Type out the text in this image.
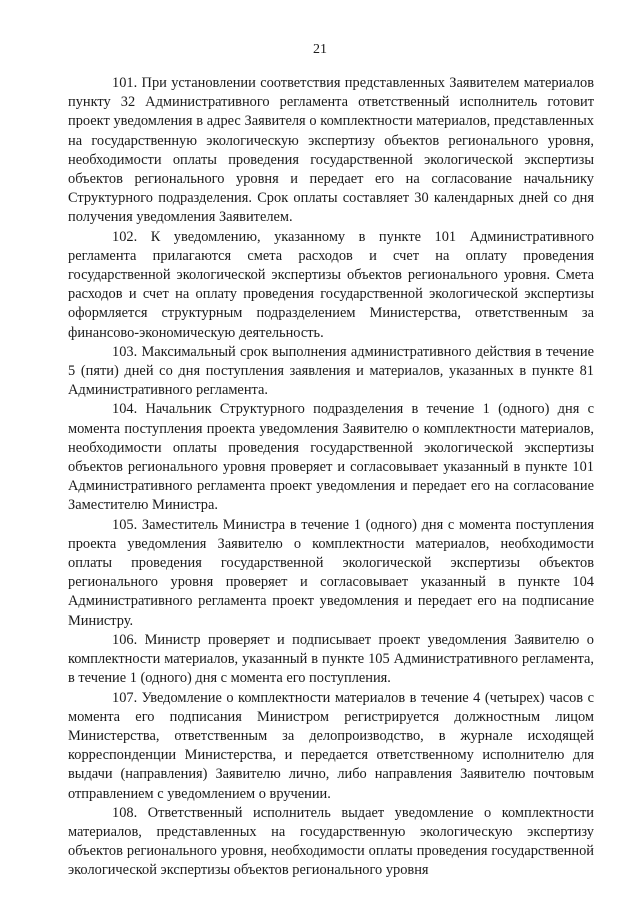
21

101. При установлении соответствия представленных Заявителем материалов пункту 32 Административного регламента ответственный исполнитель готовит проект уведомления в адрес Заявителя о комплектности материалов, представленных на государственную экологическую экспертизу объектов регионального уровня, необходимости оплаты проведения государственной экологической экспертизы объектов регионального уровня и передает его на согласование начальнику Структурного подразделения. Срок оплаты составляет 30 календарных дней со дня получения уведомления Заявителем.

102. К уведомлению, указанному в пункте 101 Административного регламента прилагаются смета расходов и счет на оплату проведения государственной экологической экспертизы объектов регионального уровня. Смета расходов и счет на оплату проведения государственной экологической экспертизы оформляется структурным подразделением Министерства, ответственным за финансово-экономическую деятельность.

103. Максимальный срок выполнения административного действия в течение 5 (пяти) дней со дня поступления заявления и материалов, указанных в пункте 81 Административного регламента.

104. Начальник Структурного подразделения в течение 1 (одного) дня с момента поступления проекта уведомления Заявителю о комплектности материалов, необходимости оплаты проведения государственной экологической экспертизы объектов регионального уровня проверяет и согласовывает указанный в пункте 101 Административного регламента проект уведомления и передает его на согласование Заместителю Министра.

105. Заместитель Министра в течение 1 (одного) дня с момента поступления проекта уведомления Заявителю о комплектности материалов, необходимости оплаты проведения государственной экологической экспертизы объектов регионального уровня проверяет и согласовывает указанный в пункте 104 Административного регламента проект уведомления и передает его на подписание Министру.

106. Министр проверяет и подписывает проект уведомления Заявителю о комплектности материалов, указанный в пункте 105 Административного регламента, в течение 1 (одного) дня с момента его поступления.

107. Уведомление о комплектности материалов в течение 4 (четырех) часов с момента его подписания Министром регистрируется должностным лицом Министерства, ответственным за делопроизводство, в журнале исходящей корреспонденции Министерства, и передается ответственному исполнителю для выдачи (направления) Заявителю лично, либо направления Заявителю почтовым отправлением с уведомлением о вручении.

108. Ответственный исполнитель выдает уведомление о комплектности материалов, представленных на государственную экологическую экспертизу объектов регионального уровня, необходимости оплаты проведения государственной экологической экспертизы объектов регионального уровня
